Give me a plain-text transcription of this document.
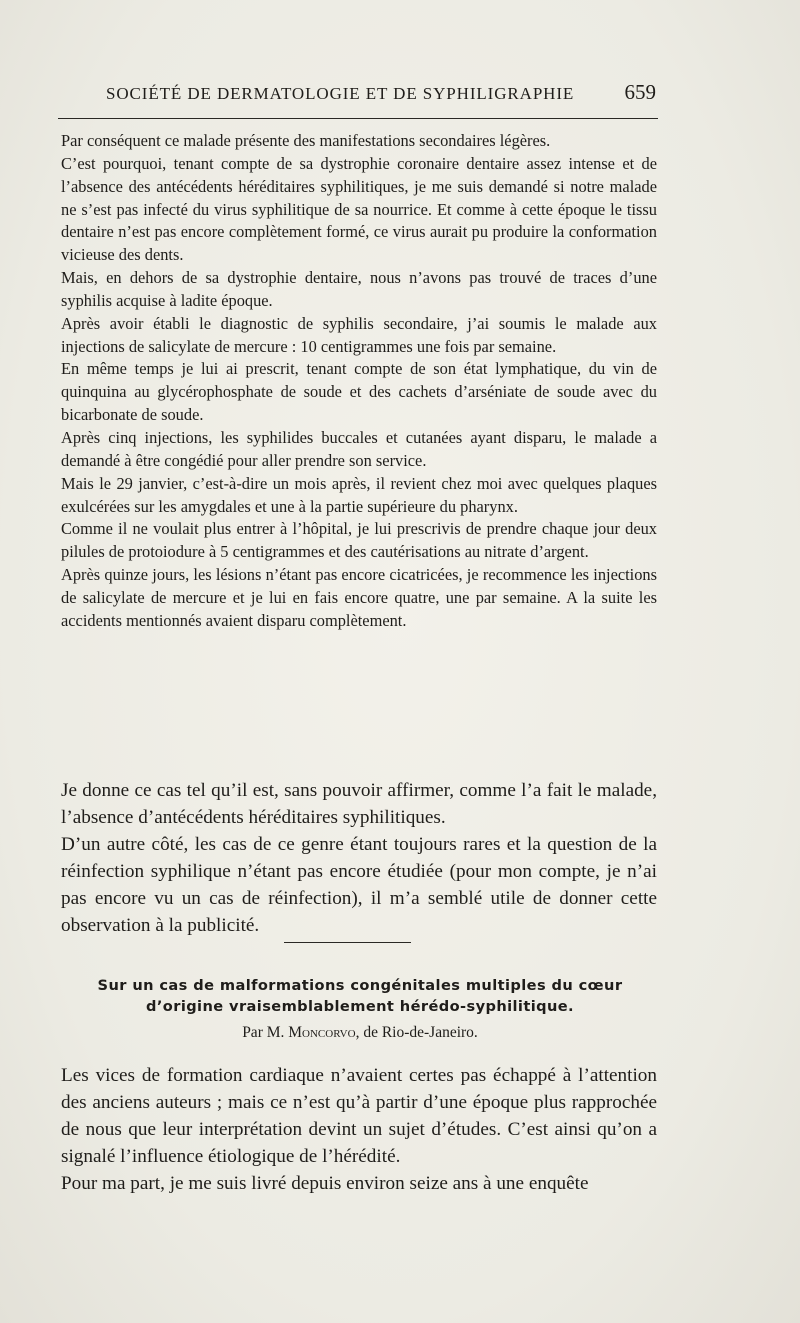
SOCIÉTÉ DE DERMATOLOGIE ET DE SYPHILIGRAPHIE 659

Par conséquent ce malade présente des manifestations secondaires légères.

C’est pourquoi, tenant compte de sa dystrophie coronaire dentaire assez intense et de l’absence des antécédents héréditaires syphilitiques, je me suis demandé si notre malade ne s’est pas infecté du virus syphilitique de sa nourrice. Et comme à cette époque le tissu dentaire n’est pas encore complètement formé, ce virus aurait pu produire la conformation vicieuse des dents.

Mais, en dehors de sa dystrophie dentaire, nous n’avons pas trouvé de traces d’une syphilis acquise à ladite époque.

Après avoir établi le diagnostic de syphilis secondaire, j’ai soumis le malade aux injections de salicylate de mercure : 10 centigrammes une fois par semaine.

En même temps je lui ai prescrit, tenant compte de son état lymphatique, du vin de quinquina au glycérophosphate de soude et des cachets d’arséniate de soude avec du bicarbonate de soude.

Après cinq injections, les syphilides buccales et cutanées ayant disparu, le malade a demandé à être congédié pour aller prendre son service.

Mais le 29 janvier, c’est-à-dire un mois après, il revient chez moi avec quelques plaques exulcérées sur les amygdales et une à la partie supérieure du pharynx.

Comme il ne voulait plus entrer à l’hôpital, je lui prescrivis de prendre chaque jour deux pilules de protoiodure à 5 centigrammes et des cautérisations au nitrate d’argent.

Après quinze jours, les lésions n’étant pas encore cicatricées, je recommence les injections de salicylate de mercure et je lui en fais encore quatre, une par semaine. A la suite les accidents mentionnés avaient disparu complètement.

Je donne ce cas tel qu’il est, sans pouvoir affirmer, comme l’a fait le malade, l’absence d’antécédents héréditaires syphilitiques.

D’un autre côté, les cas de ce genre étant toujours rares et la question de la réinfection syphilique n’étant pas encore étudiée (pour mon compte, je n’ai pas encore vu un cas de réinfection), il m’a semblé utile de donner cette observation à la publicité.

Sur un cas de malformations congénitales multiples du cœur
d’origine vraisemblablement hérédo-syphilitique.
Par M. Moncorvo, de Rio-de-Janeiro.

Les vices de formation cardiaque n’avaient certes pas échappé à l’attention des anciens auteurs ; mais ce n’est qu’à partir d’une époque plus rapprochée de nous que leur interprétation devint un sujet d’études. C’est ainsi qu’on a signalé l’influence étiologique de l’hérédité.

Pour ma part, je me suis livré depuis environ seize ans à une enquête
